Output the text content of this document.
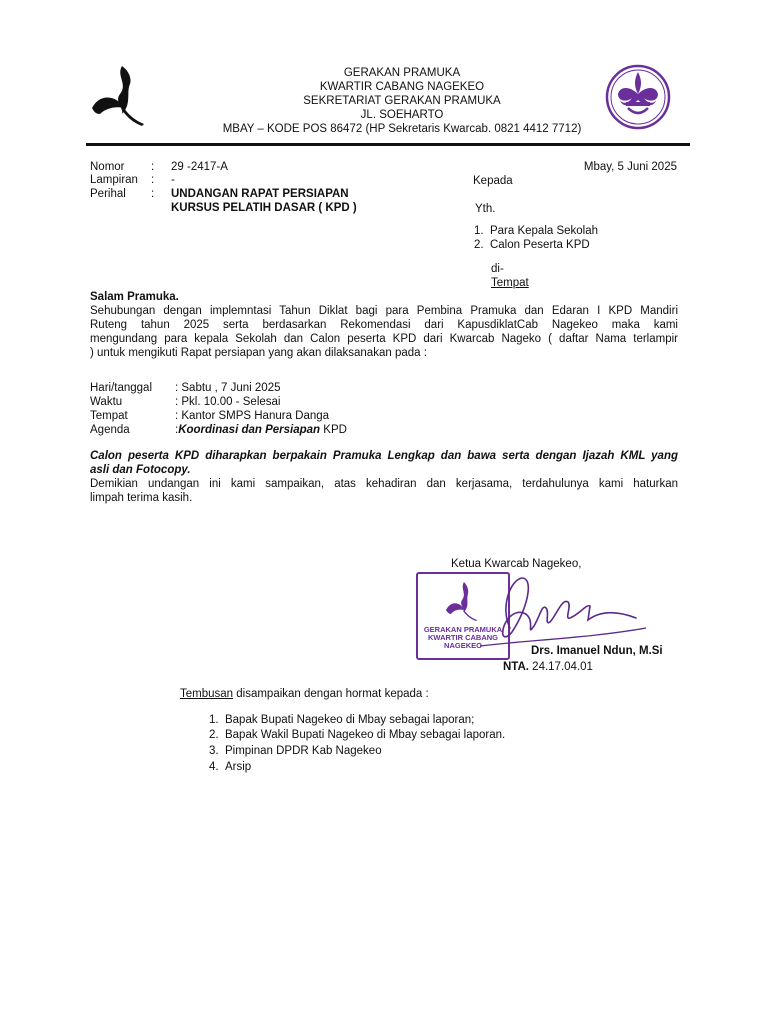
GERAKAN PRAMUKA
KWARTIR CABANG NAGEKEO
SEKRETARIAT GERAKAN PRAMUKA
JL. SOEHARTO
MBAY – KODE POS 86472 (HP Sekretaris Kwarcab. 0821 4412 7712)
Nomor : 29 -2417-A
Lampiran : -
Perihal : UNDANGAN RAPAT PERSIAPAN
KURSUS PELATIH DASAR ( KPD )
Mbay, 5 Juni 2025
Kepada
Yth.
1.  Para Kepala Sekolah
2.  Calon Peserta KPD
di-
Tempat
Salam Pramuka.
Sehubungan dengan implemntasi Tahun Diklat bagi para Pembina Pramuka dan Edaran I KPD Mandiri
Ruteng tahun 2025 serta berdasarkan Rekomendasi dari KapusdiklatCab Nagekeo maka kami
mengundang para kepala Sekolah dan Calon peserta KPD dari Kwarcab Nageko ( daftar Nama terlampir
) untuk mengikuti Rapat persiapan yang akan dilaksanakan pada :
Hari/tanggal : Sabtu , 7 Juni 2025
Waktu	: Pkl. 10.00 - Selesai
Tempat	: Kantor SMPS Hanura Danga
Agenda	:Koordinasi dan Persiapan KPD
Calon peserta KPD diharapkan berpakain Pramuka Lengkap dan bawa serta dengan Ijazah KML yang
asli dan Fotocopy.
Demikian undangan ini kami sampaikan, atas kehadiran dan kerjasama, terdahulunya kami haturkan
limpah terima kasih.
Ketua Kwarcab Nagekeo,
GERAKAN PRAMUKA
KWARTIR CABANG
NAGEKEO	Drs. Imanuel Ndun, M.Si
NTA. 24.17.04.01
Tembusan disampaikan dengan hormat kepada :
1.  Bapak Bupati Nagekeo di Mbay sebagai laporan;
2.  Bapak Wakil Bupati Nagekeo di Mbay sebagai laporan.
3.  Pimpinan DPDR Kab Nagekeo
4.  Arsip
